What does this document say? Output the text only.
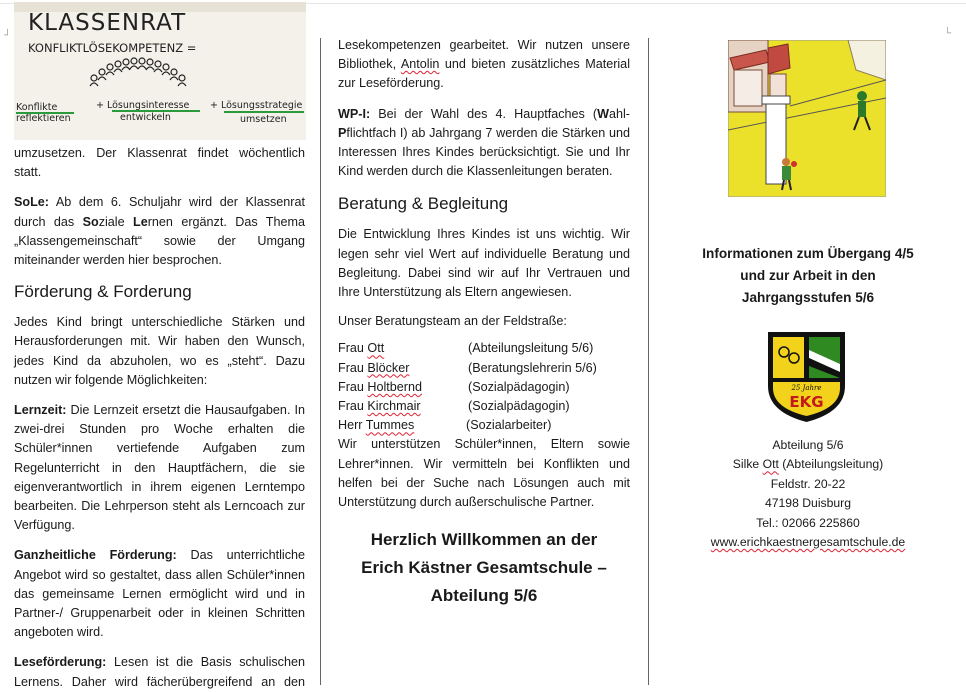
┘	└
KLASSENRAT
KONFLIKTLÖSEKOMPETENZ =
Konflikte	+ Lösungsinteresse + Lösungsstrategie
reflektieren	entwickeln	umsetzen

umzusetzen. Der Klassenrat findet wöchentlich statt.

SoLe: Ab dem 6. Schuljahr wird der Klassenrat durch das Soziale Lernen ergänzt. Das Thema „Klassengemeinschaft“ sowie der Umgang miteinander werden hier besprochen.

Förderung & Forderung

Jedes Kind bringt unterschiedliche Stärken und Herausforderungen mit. Wir haben den Wunsch, jedes Kind da abzuholen, wo es „steht“. Dazu nutzen wir folgende Möglichkeiten:

Lernzeit: Die Lernzeit ersetzt die Hausaufgaben. In zwei-drei Stunden pro Woche erhalten die Schüler*innen vertiefende Aufgaben zum Regelunterricht in den Hauptfächern, die sie eigenverantwortlich in ihrem eigenen Lerntempo bearbeiten. Die Lehrperson steht als Lerncoach zur Verfügung.

Ganzheitliche Förderung: Das unterrichtliche Angebot wird so gestaltet, dass allen Schüler*innen das gemeinsame Lernen ermöglicht wird und in Partner-/ Gruppenarbeit oder in kleinen Schritten angeboten wird.

Leseförderung: Lesen ist die Basis schulischen Lernens. Daher wird fächerübergreifend an den

Lesekompetenzen gearbeitet. Wir nutzen unsere Bibliothek, Antolin und bieten zusätzliches Material zur Leseförderung.

WP-I: Bei der Wahl des 4. Hauptfaches (Wahl-Pflichtfach I) ab Jahrgang 7 werden die Stärken und Interessen Ihres Kindes berücksichtigt. Sie und Ihr Kind werden durch die Klassenleitungen beraten.

Beratung & Begleitung

Die Entwicklung Ihres Kindes ist uns wichtig. Wir legen sehr viel Wert auf individuelle Beratung und Begleitung. Dabei sind wir auf Ihr Vertrauen und Ihre Unterstützung als Eltern angewiesen.

Unser Beratungsteam an der Feldstraße:

Frau Ott	(Abteilungsleitung 5/6)
Frau Blöcker	(Beratungslehrerin 5/6)
Frau Holtbernd	(Sozialpädagogin)
Frau Kirchmair	(Sozialpädagogin)
Herr Tummes	(Sozialarbeiter)

Wir unterstützen Schüler*innen, Eltern sowie Lehrer*innen. Wir vermitteln bei Konflikten und helfen bei der Suche nach Lösungen auch mit Unterstützung durch außerschulische Partner.

Herzlich Willkommen an der
Erich Kästner Gesamtschule –
Abteilung 5/6
Informationen zum Übergang 4/5
und zur Arbeit in den
Jahrgangsstufen 5/6
25 Jahre
EKG
Abteilung 5/6
Silke Ott (Abteilungsleitung)
Feldstr. 20-22
47198 Duisburg
Tel.: 02066 225860
www.erichkaestnergesamtschule.de
